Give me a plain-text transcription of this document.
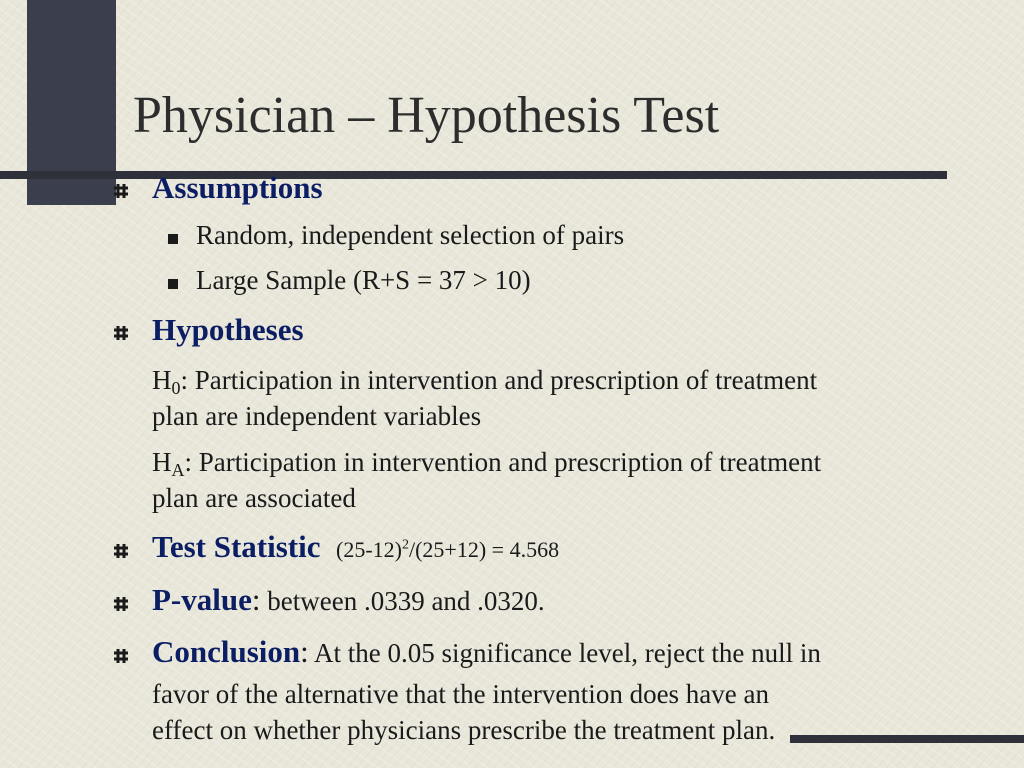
Physician – Hypothesis Test
Assumptions

Random, independent selection of pairs

Large Sample (R+S = 37 > 10)

Hypotheses

$H_0$: Participation in intervention and prescription of treatment
plan are independent variables

$H_A$: Participation in intervention and prescription of treatment
plan are associated

Test Statistic $(25-12)^2/(25+12) = 4.568$
P-value: between .0339 and .0320.
Conclusion: At the 0.05 significance level, reject the null in

favor of the alternative that the intervention does have an
effect on whether physicians prescribe the treatment plan.
